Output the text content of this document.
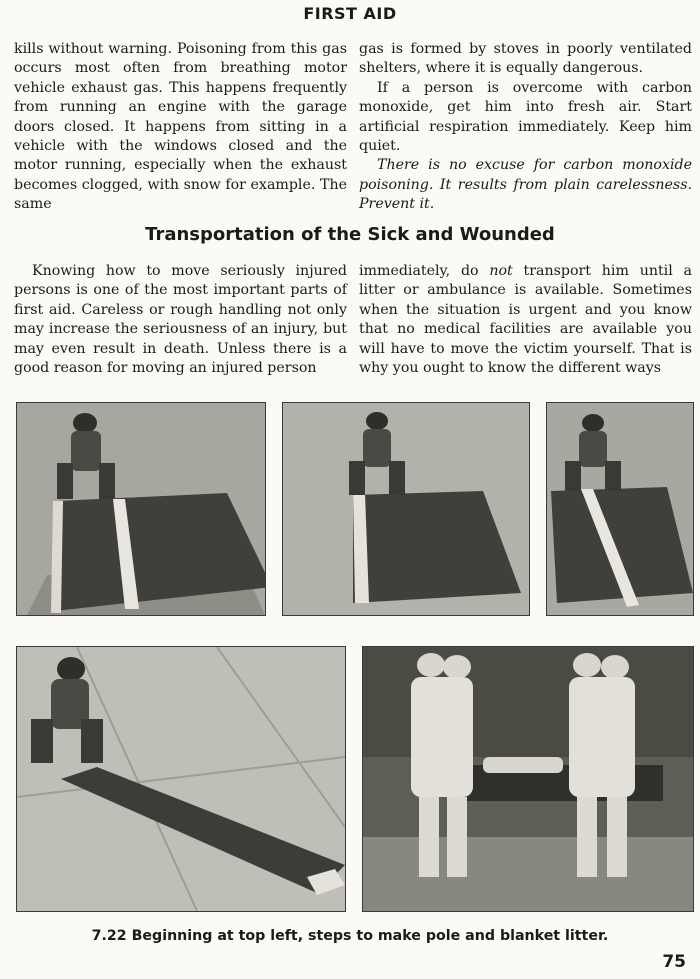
FIRST AID

kills without warning. Poisoning from this gas occurs most often from breathing motor vehicle exhaust gas. This happens frequently from running an engine with the garage doors closed. It happens from sitting in a vehicle with the windows closed and the motor running, especially when the exhaust becomes clogged, with snow for example. The same

gas is formed by stoves in poorly ventilated shelters, where it is equally dangerous.

If a person is overcome with carbon monoxide, get him into fresh air. Start artificial respiration immediately. Keep him quiet.

There is no excuse for carbon monoxide poisoning. It results from plain carelessness. Prevent it.

Transportation of the Sick and Wounded

Knowing how to move seriously injured persons is one of the most important parts of first aid. Careless or rough handling not only may increase the seriousness of an injury, but may even result in death. Unless there is a good reason for moving an injured person

immediately, do not transport him until a litter or ambulance is available. Sometimes when the situation is urgent and you know that no medical facilities are available you will have to move the victim yourself. That is why you ought to know the different ways

7.22 Beginning at top left, steps to make pole and blanket litter.
75
